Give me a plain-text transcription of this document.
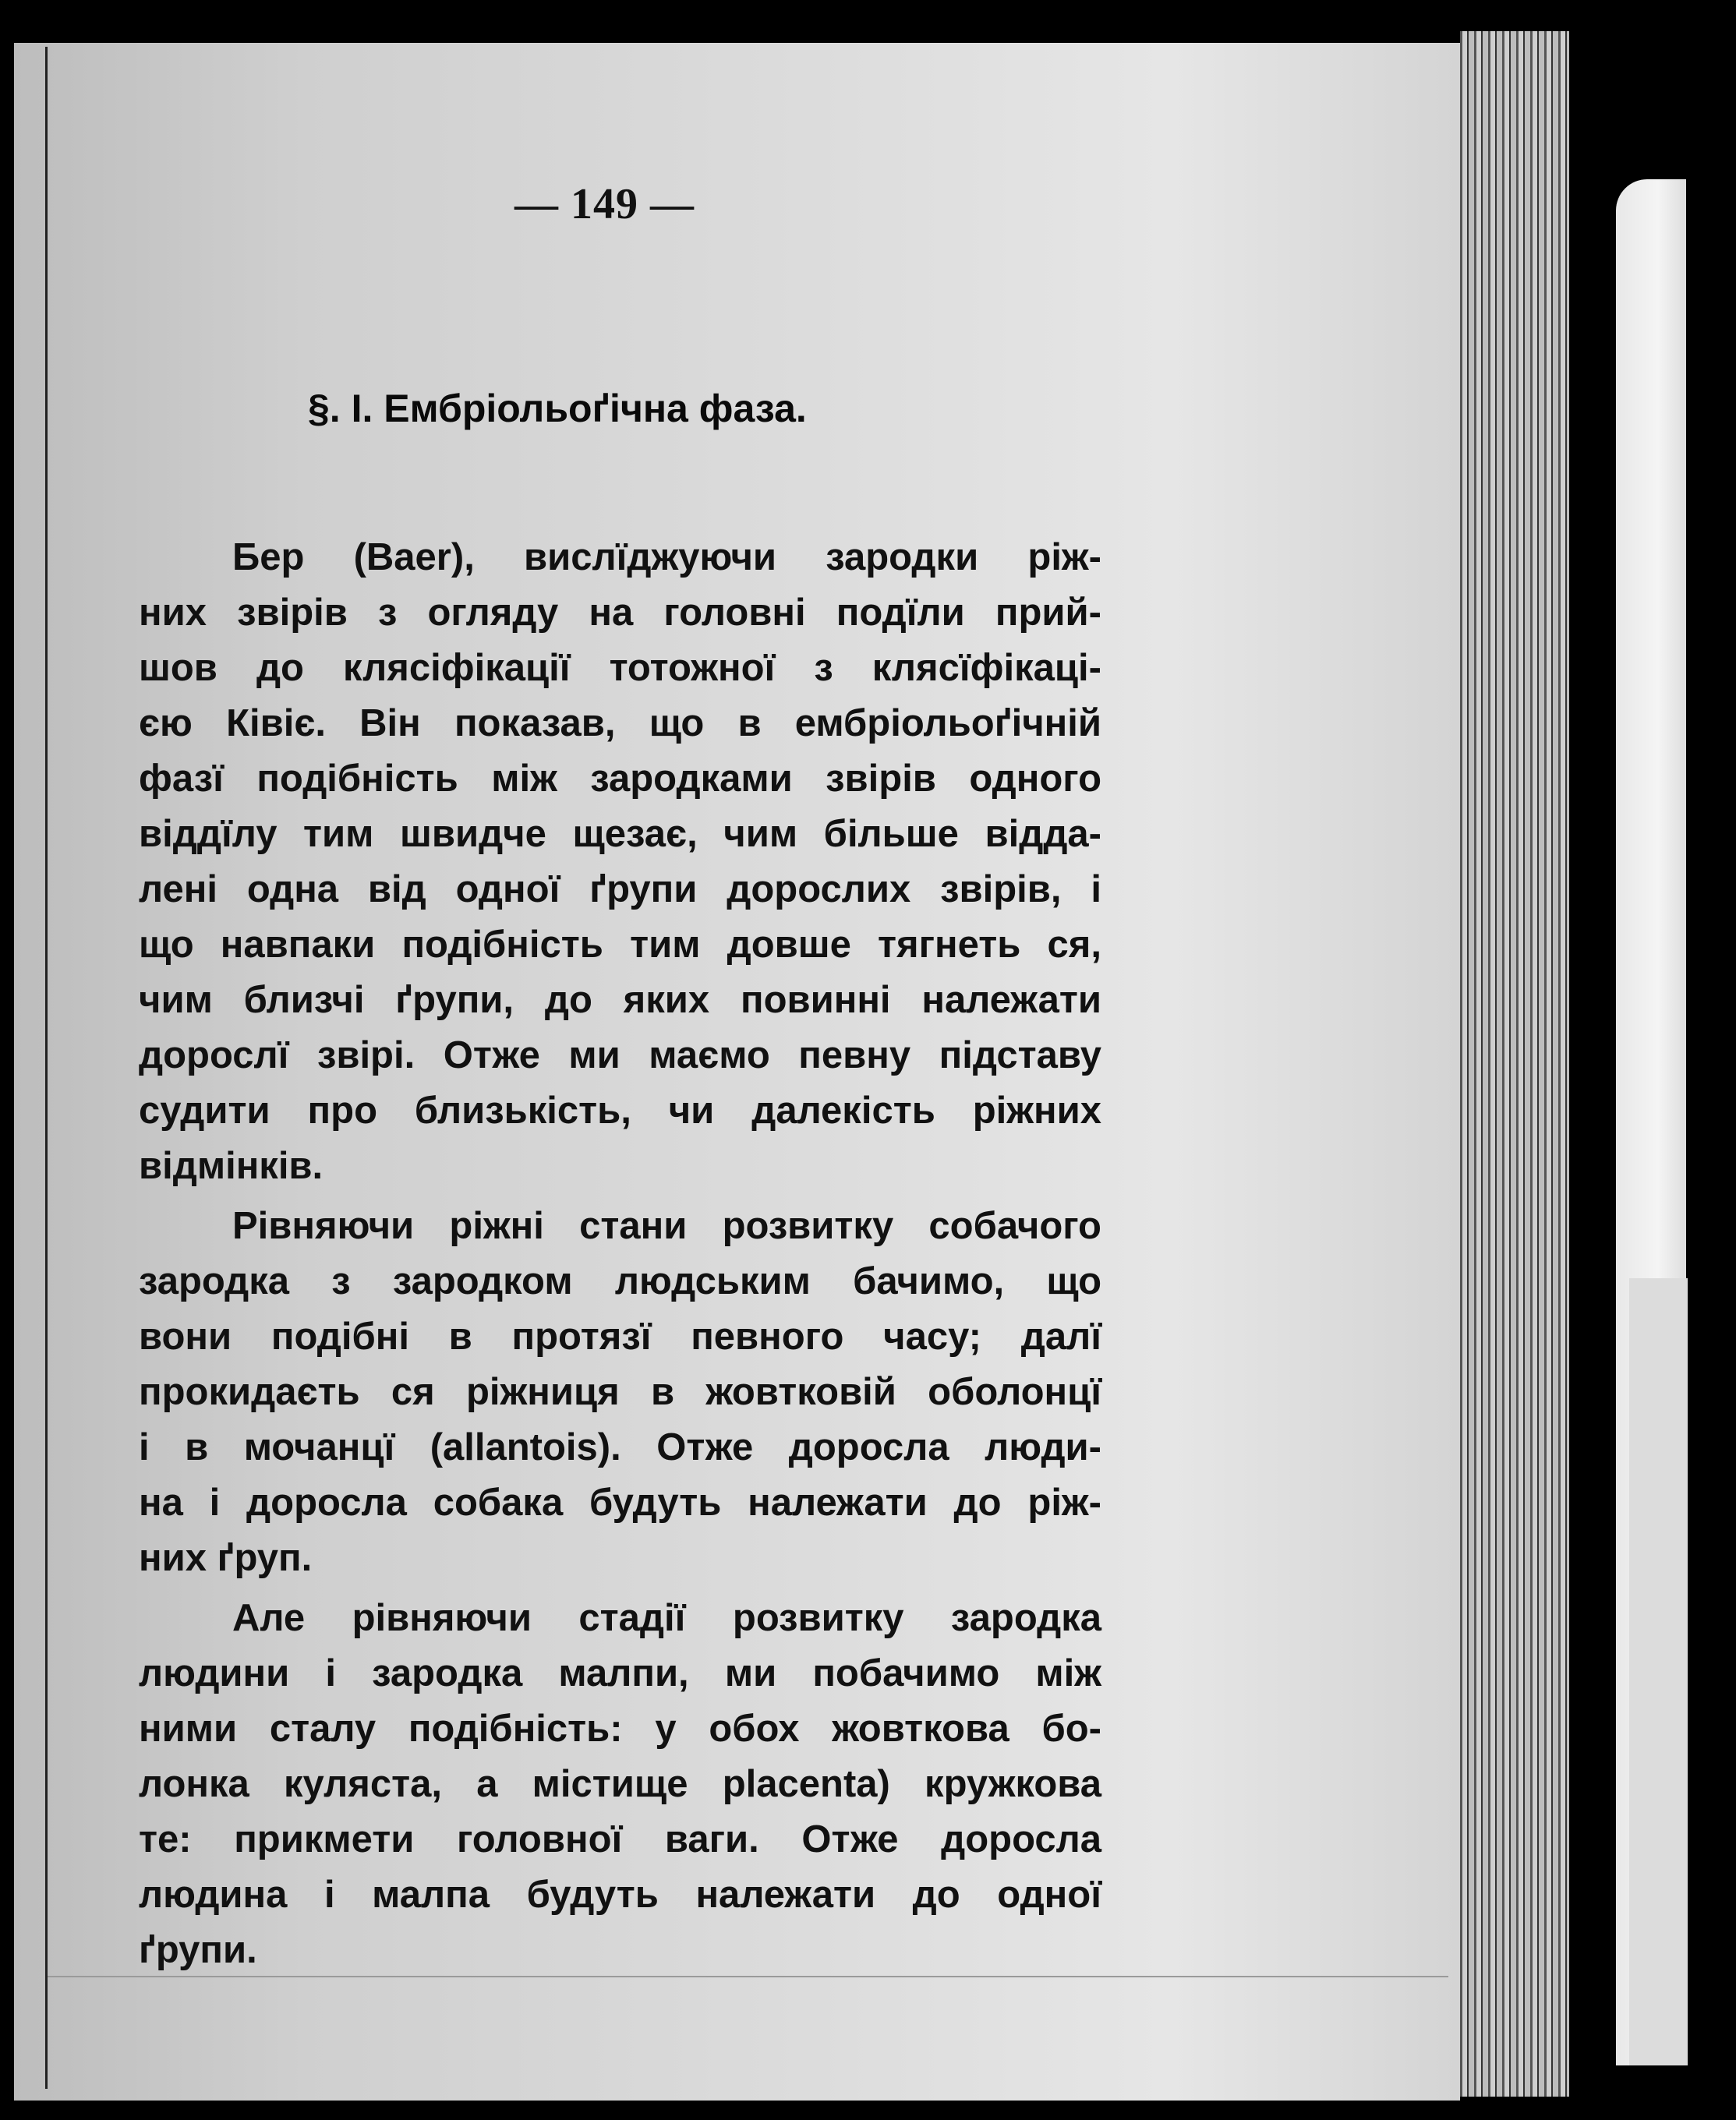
— 149 —
§. I. Ембріольоґічна фаза.
Бер (Baer), вислїджуючи зародки ріж-
них звірів з огляду на головні подїли прий-
шов до клясіфікації тотожної з клясїфікаці-
єю Ківіє. Він показав, що в ембріольоґічній
фазї подібність між зародками звірів одного
віддїлу тим швидче щезає, чим більше відда-
лені одна від одної ґрупи дорослих звірів, і
що навпаки подібність тим довше тягнеть ся,
чим близчі ґрупи, до яких повинні належати
дорослї звірі. Отже ми маємо певну підставу
судити про близькість, чи далекість ріжних
відмінків.
Рівняючи ріжні стани розвитку собачого
зародка з зародком людським бачимо, що
вони подібні в протязї певного часу; далї
прокидаєть ся ріжниця в жовтковій оболонцї
і в мочанцї (allantois). Отже дoросла люди-
на і дoросла собака будуть належати до ріж-
них ґруп.
Але рівняючи стадії розвитку зародка
людини і зародка малпи, ми побачимо між
ними сталу подібність: у обох жовткова бо-
лонка куляста, а містище placenta) кружкова
те: прикмети головної ваги. Отже дoросла
людина і малпа будуть належати до одної
ґрупи.
